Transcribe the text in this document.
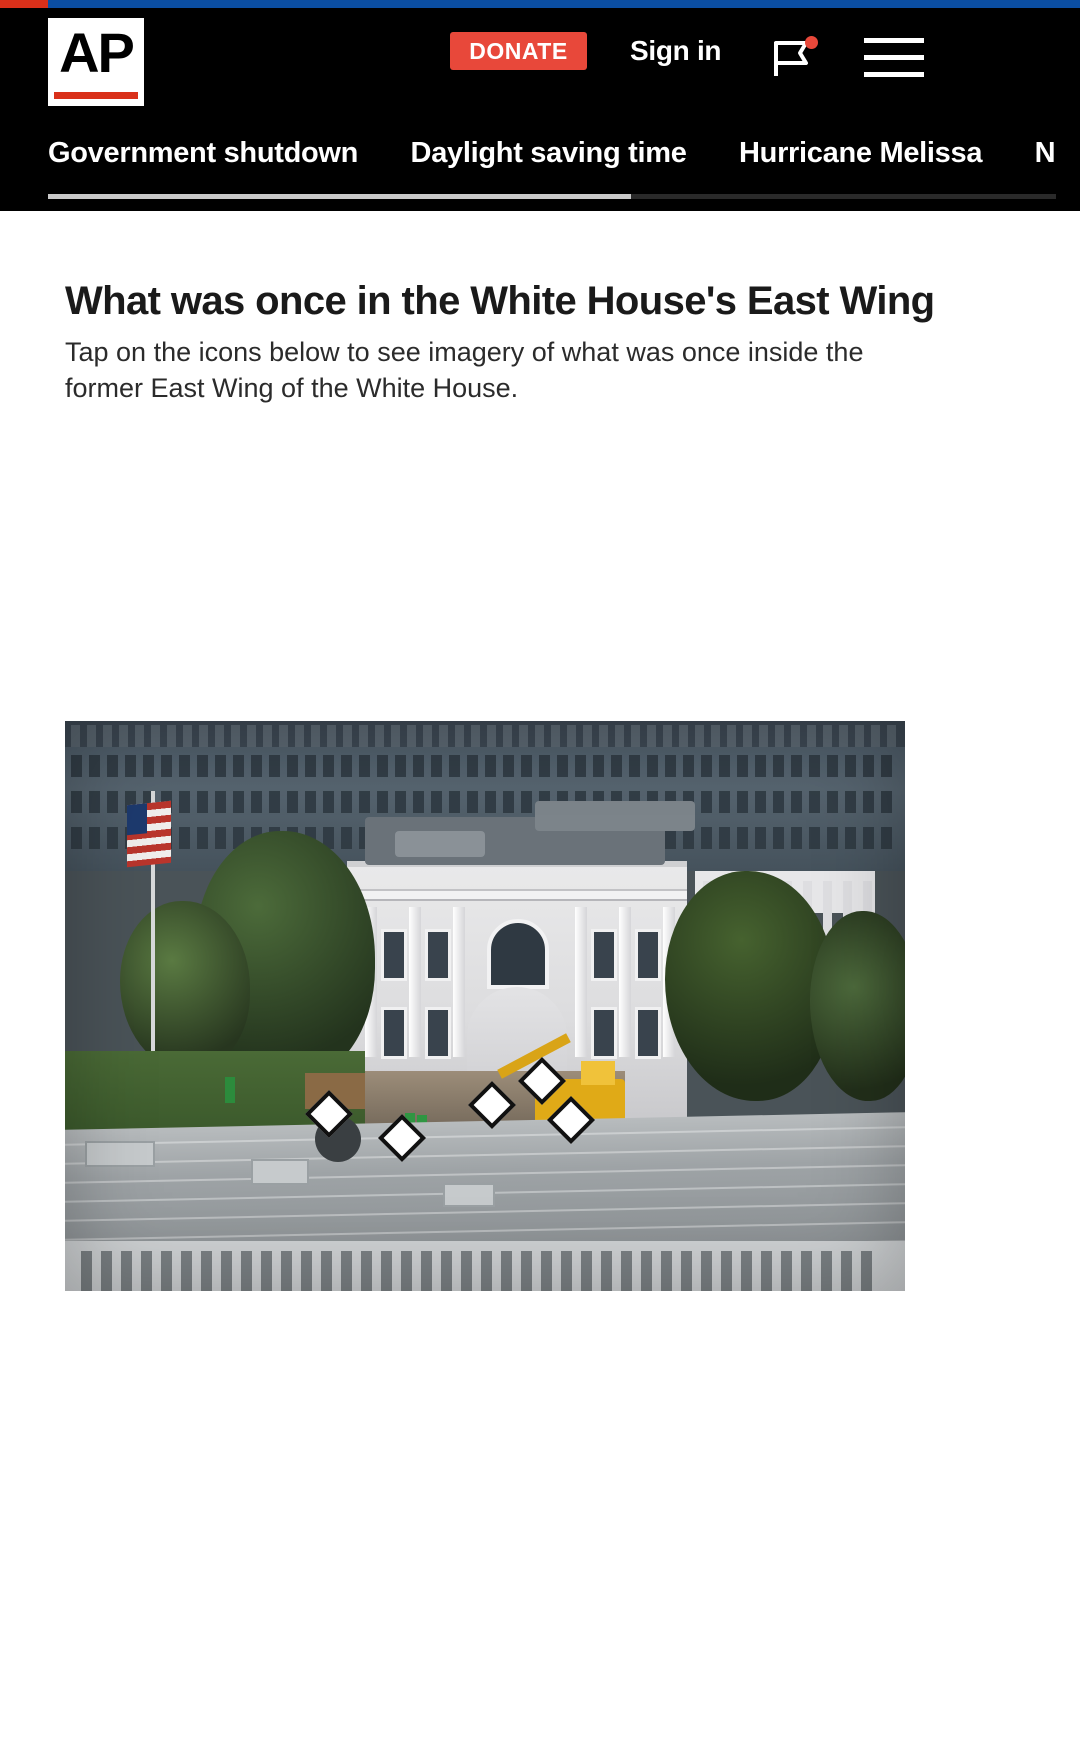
AP	DONATE	Sign in
Government shutdown Daylight saving time Hurricane Melissa N
What was once in the White House's East Wing

Tap on the icons below to see imagery of what was once inside the former East Wing of the White House.
